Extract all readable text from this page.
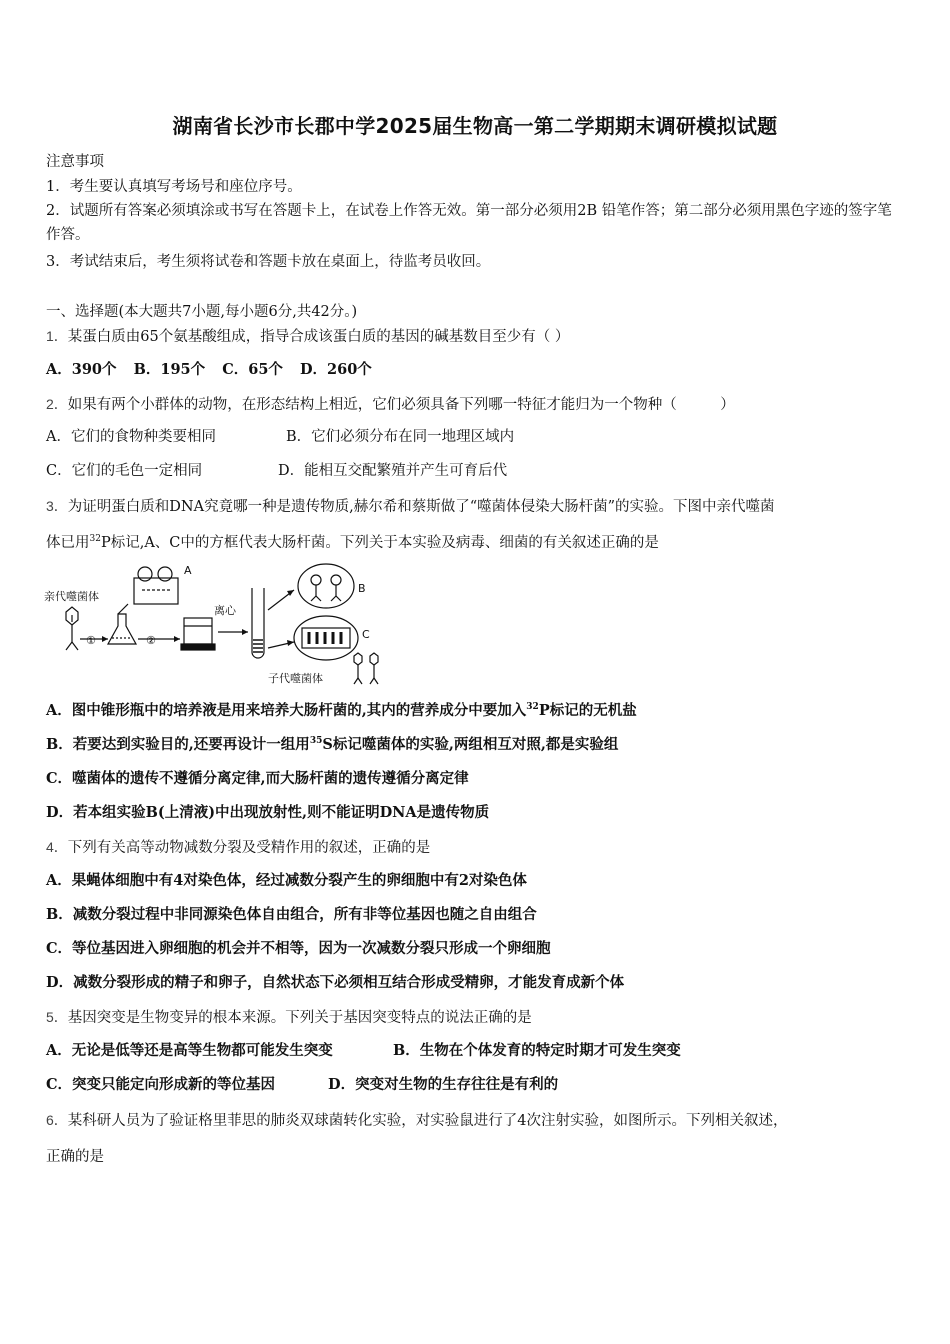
湖南省长沙市长郡中学2025届生物高一第二学期期末调研模拟试题
注意事项
1．考生要认真填写考场号和座位序号。
2．试题所有答案必须填涂或书写在答题卡上，在试卷上作答无效。第一部分必须用2B 铅笔作答；第二部分必须用黑色字迹的签字笔作答。
3．考试结束后，考生须将试卷和答题卡放在桌面上，待监考员收回。
一、选择题(本大题共7小题,每小题6分,共42分。)
1．某蛋白质由65个氨基酸组成，指导合成该蛋白质的基因的碱基数目至少有（ ）
A．390个 B．195个 C．65个 D．260个
2．如果有两个小群体的动物，在形态结构上相近，它们必须具备下列哪一特征才能归为一个物种（　　　）
A．它们的食物种类要相同	B．它们必须分布在同一地理区域内
C．它们的毛色一定相同	D．能相互交配繁殖并产生可育后代
3．为证明蛋白质和DNA究竟哪一种是遗传物质,赫尔希和蔡斯做了“噬菌体侵染大肠杆菌”的实验。下图中亲代噬菌
体已用$^{32}$P标记,A、C中的方框代表大肠杆菌。下列关于本实验及病毒、细菌的有关叙述正确的是
亲代噬菌体
①	②
A
离心
B
C
子代噬菌体
A．图中锥形瓶中的培养液是用来培养大肠杆菌的,其内的营养成分中要加入$^{32}$P标记的无机盐
B．若要达到实验目的,还要再设计一组用$^{35}$S标记噬菌体的实验,两组相互对照,都是实验组
C．噬菌体的遗传不遵循分离定律,而大肠杆菌的遗传遵循分离定律
D．若本组实验B(上清液)中出现放射性,则不能证明DNA是遗传物质
4．下列有关高等动物减数分裂及受精作用的叙述，正确的是
A．果蝇体细胞中有4对染色体，经过减数分裂产生的卵细胞中有2对染色体
B．减数分裂过程中非同源染色体自由组合，所有非等位基因也随之自由组合
C．等位基因进入卵细胞的机会并不相等，因为一次减数分裂只形成一个卵细胞
D．减数分裂形成的精子和卵子，自然状态下必须相互结合形成受精卵，才能发育成新个体
5．基因突变是生物变异的根本来源。下列关于基因突变特点的说法正确的是
A．无论是低等还是高等生物都可能发生突变	B．生物在个体发育的特定时期才可发生突变
C．突变只能定向形成新的等位基因	D．突变对生物的生存往往是有利的
6．某科研人员为了验证格里菲思的肺炎双球菌转化实验，对实验鼠进行了4次注射实验，如图所示。下列相关叙述，
正确的是
